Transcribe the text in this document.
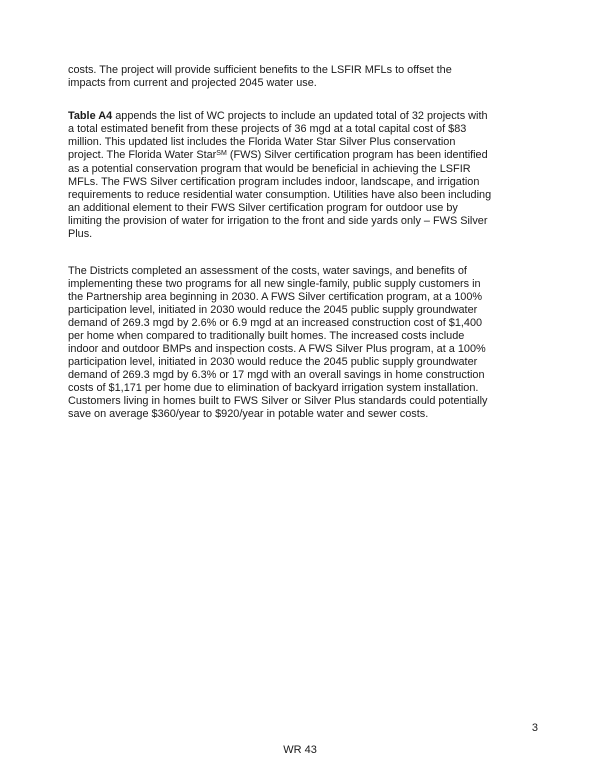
costs. The project will provide sufficient benefits to the LSFIR MFLs to offset the
impacts from current and projected 2045 water use.
Table A4 appends the list of WC projects to include an updated total of 32 projects with
a total estimated benefit from these projects of 36 mgd at a total capital cost of $83
million. This updated list includes the Florida Water Star Silver Plus conservation
project. The Florida Water Star℠ (FWS) Silver certification program has been identified
as a potential conservation program that would be beneficial in achieving the LSFIR
MFLs. The FWS Silver certification program includes indoor, landscape, and irrigation
requirements to reduce residential water consumption. Utilities have also been including
an additional element to their FWS Silver certification program for outdoor use by
limiting the provision of water for irrigation to the front and side yards only – FWS Silver
Plus.
The Districts completed an assessment of the costs, water savings, and benefits of
implementing these two programs for all new single-family, public supply customers in
the Partnership area beginning in 2030. A FWS Silver certification program, at a 100%
participation level, initiated in 2030 would reduce the 2045 public supply groundwater
demand of 269.3 mgd by 2.6% or 6.9 mgd at an increased construction cost of $1,400
per home when compared to traditionally built homes. The increased costs include
indoor and outdoor BMPs and inspection costs. A FWS Silver Plus program, at a 100%
participation level, initiated in 2030 would reduce the 2045 public supply groundwater
demand of 269.3 mgd by 6.3% or 17 mgd with an overall savings in home construction
costs of $1,171 per home due to elimination of backyard irrigation system installation.
Customers living in homes built to FWS Silver or Silver Plus standards could potentially
save on average $360/year to $920/year in potable water and sewer costs.
3
WR 43
